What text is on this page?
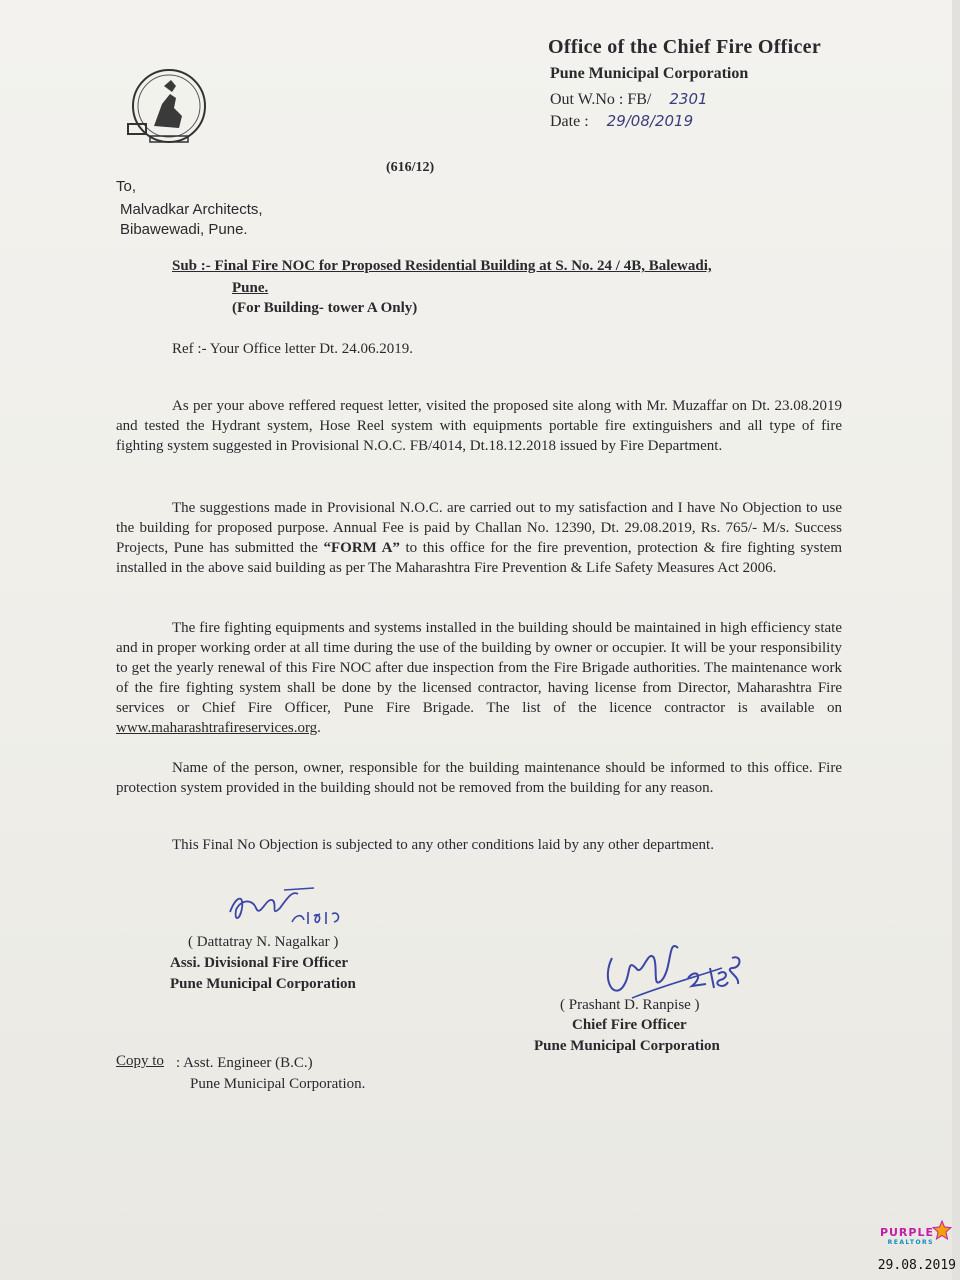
Office of the Chief Fire Officer
Pune Municipal Corporation
Out W.No : FB/ 2301
Date : 29/08/2019
(616/12)
To,
Malvadkar Architects,
Bibawewadi, Pune.
Sub :- Final Fire NOC for Proposed Residential Building at S. No. 24 / 4B, Balewadi,
Pune.
(For Building- tower A Only)
Ref :- Your Office letter Dt. 24.06.2019.
As per your above reffered request letter, visited the proposed site along with Mr. Muzaffar on Dt. 23.08.2019 and tested the Hydrant system, Hose Reel system with equipments portable fire extinguishers and all type of fire fighting system suggested in Provisional N.O.C. FB/4014, Dt.18.12.2018 issued by Fire Department.
The suggestions made in Provisional N.O.C. are carried out to my satisfaction and I have No Objection to use the building for proposed purpose. Annual Fee is paid by Challan No. 12390, Dt. 29.08.2019, Rs. 765/- M/s. Success Projects, Pune has submitted the “FORM A” to this office for the fire prevention, protection & fire fighting system installed in the above said building as per The Maharashtra Fire Prevention & Life Safety Measures Act 2006.
The fire fighting equipments and systems installed in the building should be maintained in high efficiency state and in proper working order at all time during the use of the building by owner or occupier. It will be your responsibility to get the yearly renewal of this Fire NOC after due inspection from the Fire Brigade authorities. The maintenance work of the fire fighting system shall be done by the licensed contractor, having license from Director, Maharashtra Fire services or Chief Fire Officer, Pune Fire Brigade. The list of the licence contractor is available on www.maharashtrafireservices.org.
Name of the person, owner, responsible for the building maintenance should be informed to this office. Fire protection system provided in the building should not be removed from the building for any reason.
This Final No Objection is subjected to any other conditions laid by any other department.
( Dattatray N. Nagalkar )
Assi. Divisional Fire Officer
Pune Municipal Corporation
( Prashant D. Ranpise )
Chief Fire Officer
Pune Municipal Corporation
Copy to : Asst. Engineer (B.C.)
Pune Municipal Corporation.
PURPLE
REALTORS
29.08.2019
